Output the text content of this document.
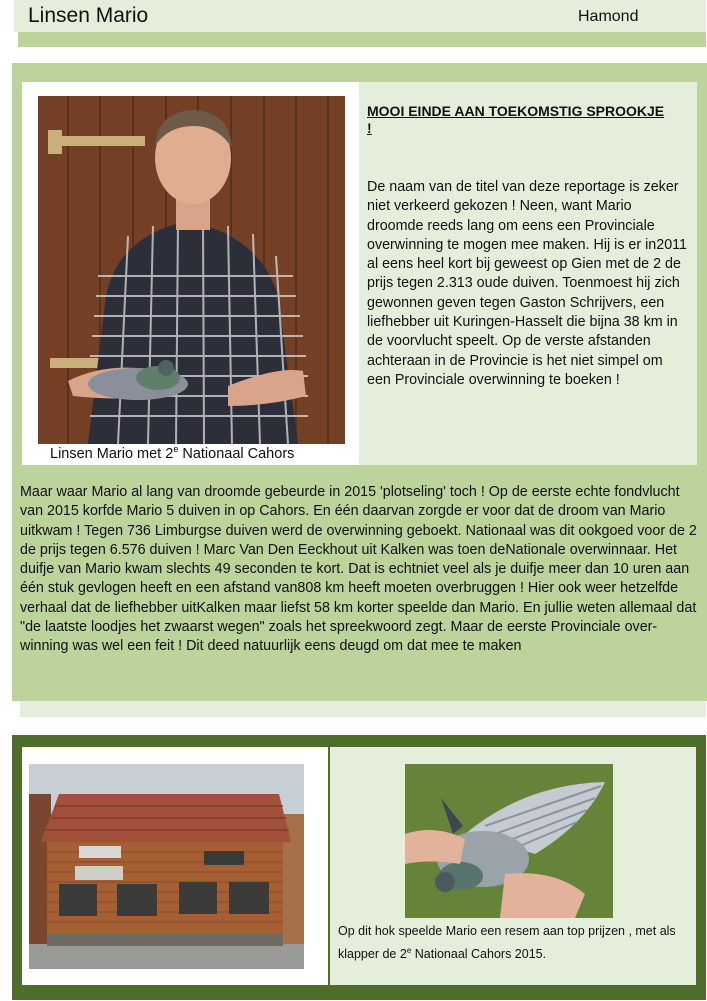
Linsen Mario	Hamond
Linsen Mario met 2e Nationaal Cahors
MOOI EINDE AAN TOEKOMSTIG SPROOKJE !
De naam van de titel van deze reportage is zeker niet verkeerd gekozen ! Neen, want Mario droomde reeds lang om eens een Provinciale overwinning te mogen mee maken. Hij is er in2011 al eens heel kort bij geweest op Gien met de 2 de prijs tegen 2.313 oude duiven. Toenmoest hij zich gewonnen geven tegen Gaston Schrijvers, een liefhebber uit Kuringen-Hasselt die bijna 38 km in de voorvlucht speelt. Op de verste afstanden achteraan in de Provincie is het niet simpel om een Provinciale overwinning te boeken !
Maar waar Mario al lang van droomde gebeurde in 2015 'plotseling' toch ! Op de eerste echte fondvlucht van 2015 korfde Mario 5 duiven in op Cahors. En één daarvan zorgde er voor dat de droom van Mario uitkwam ! Tegen 736 Limburgse duiven werd de overwinning geboekt. Nationaal was dit ookgoed voor de 2 de prijs tegen 6.576 duiven ! Marc Van Den Eeckhout uit Kalken was toen deNationale overwinnaar. Het duifje van Mario kwam slechts 49 seconden te kort. Dat is echtniet veel als je duifje meer dan 10 uren aan één stuk gevlogen heeft en een afstand van808 km heeft moeten overbruggen ! Hier ook weer hetzelfde verhaal dat de liefhebber uitKalken maar liefst 58 km korter speelde dan Mario. En jullie weten allemaal dat "de laatste loodjes het zwaarst wegen" zoals het spreekwoord zegt. Maar de eerste Provinciale over-winning was wel een feit ! Dit deed natuurlijk eens deugd om dat mee te maken
Op dit hok speelde Mario een resem aan top prijzen , met als klapper de 2e Nationaal Cahors 2015.
